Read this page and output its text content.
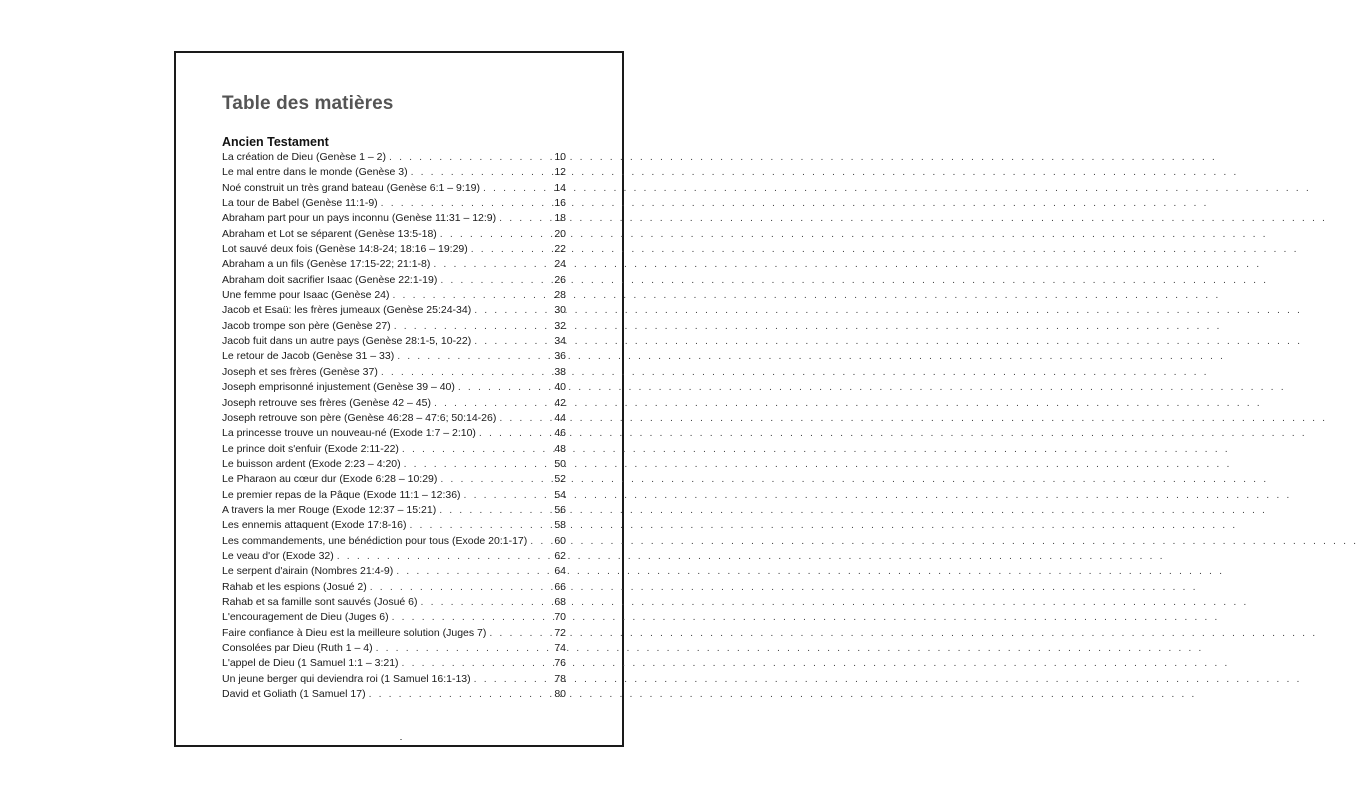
Table des matières
Ancien Testament
La création de Dieu (Genèse 1 – 2) . . .	10
Le mal entre dans le monde (Genèse 3) . . .	12
Noé construit un très grand bateau (Genèse 6:1 – 9:19) . . .	14
La tour de Babel (Genèse 11:1-9) . . .	16
Abraham part pour un pays inconnu (Genèse 11:31 – 12:9) . . .	18
Abraham et Lot se séparent (Genèse 13:5-18) . . .	20
Lot sauvé deux fois (Genèse 14:8-24; 18:16 – 19:29) . . .	22
Abraham a un fils (Genèse 17:15-22; 21:1-8) . . .	24
Abraham doit sacrifier Isaac (Genèse 22:1-19) . . .	26
Une femme pour Isaac (Genèse 24) . . .	28
Jacob et Esaü: les frères jumeaux (Genèse 25:24-34) . . .	30
Jacob trompe son père (Genèse 27) . . .	32
Jacob fuit dans un autre pays (Genèse 28:1-5, 10-22) . . .	34
Le retour de Jacob (Genèse 31 – 33) . . .	36
Joseph et ses frères (Genèse 37) . . .	38
Joseph emprisonné injustement (Genèse 39 – 40) . . .	40
Joseph retrouve ses frères (Genèse 42 – 45) . . .	42
Joseph retrouve son père (Genèse 46:28 – 47:6; 50:14-26) . . .	44
La princesse trouve un nouveau-né (Exode 1:7 – 2:10) . . .	46
Le prince doit s'enfuir (Exode 2:11-22) . . .	48
Le buisson ardent (Exode 2:23 – 4:20) . . .	50
Le Pharaon au cœur dur (Exode 6:28 – 10:29) . . .	52
Le premier repas de la Pâque (Exode 11:1 – 12:36) . . .	54
A travers la mer Rouge (Exode 12:37 – 15:21) . . .	56
Les ennemis attaquent (Exode 17:8-16) . . .	58
Les commandements, une bénédiction pour tous (Exode 20:1-17) . . .	60
Le veau d'or (Exode 32) . . .	62
Le serpent d'airain (Nombres 21:4-9) . . .	64
Rahab et les espions (Josué 2) . . .	66
Rahab et sa famille sont sauvés (Josué 6) . . .	68
L'encouragement de Dieu (Juges 6) . . .	70
Faire confiance à Dieu est la meilleure solution (Juges 7) . . .	72
Consolées par Dieu (Ruth 1 – 4) . . .	74
L'appel de Dieu (1 Samuel 1:1 – 3:21) . . .	76
Un jeune berger qui deviendra roi (1 Samuel 16:1-13) . . .	78
David et Goliath (1 Samuel 17) . . .	80
